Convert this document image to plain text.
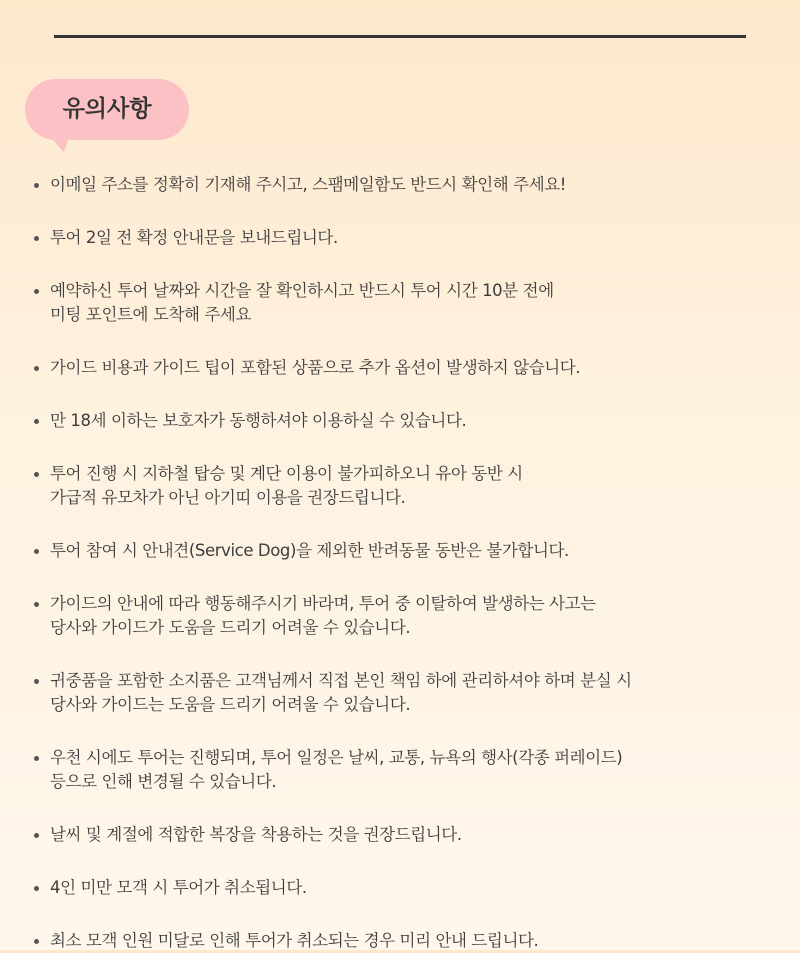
유의사항
이메일 주소를 정확히 기재해 주시고, 스팸메일함도 반드시 확인해 주세요!
투어 2일 전 확정 안내문을 보내드립니다.
예약하신 투어 날짜와 시간을 잘 확인하시고 반드시 투어 시간 10분 전에
미팅 포인트에 도착해 주세요
가이드 비용과 가이드 팁이 포함된 상품으로 추가 옵션이 발생하지 않습니다.
만 18세 이하는 보호자가 동행하셔야 이용하실 수 있습니다.
투어 진행 시 지하철 탑승 및 계단 이용이 불가피하오니 유아 동반 시
가급적 유모차가 아닌 아기띠 이용을 권장드립니다.
투어 참여 시 안내견(Service Dog)을 제외한 반려동물 동반은 불가합니다.
가이드의 안내에 따라 행동해주시기 바라며, 투어 중 이탈하여 발생하는 사고는
당사와 가이드가 도움을 드리기 어려울 수 있습니다.
귀중품을 포함한 소지품은 고객님께서 직접 본인 책임 하에 관리하셔야 하며 분실 시
당사와 가이드는 도움을 드리기 어려울 수 있습니다.
우천 시에도 투어는 진행되며, 투어 일정은 날씨, 교통, 뉴욕의 행사(각종 퍼레이드)
등으로 인해 변경될 수 있습니다.
날씨 및 계절에 적합한 복장을 착용하는 것을 권장드립니다.
4인 미만 모객 시 투어가 취소됩니다.
최소 모객 인원 미달로 인해 투어가 취소되는 경우 미리 안내 드립니다.
